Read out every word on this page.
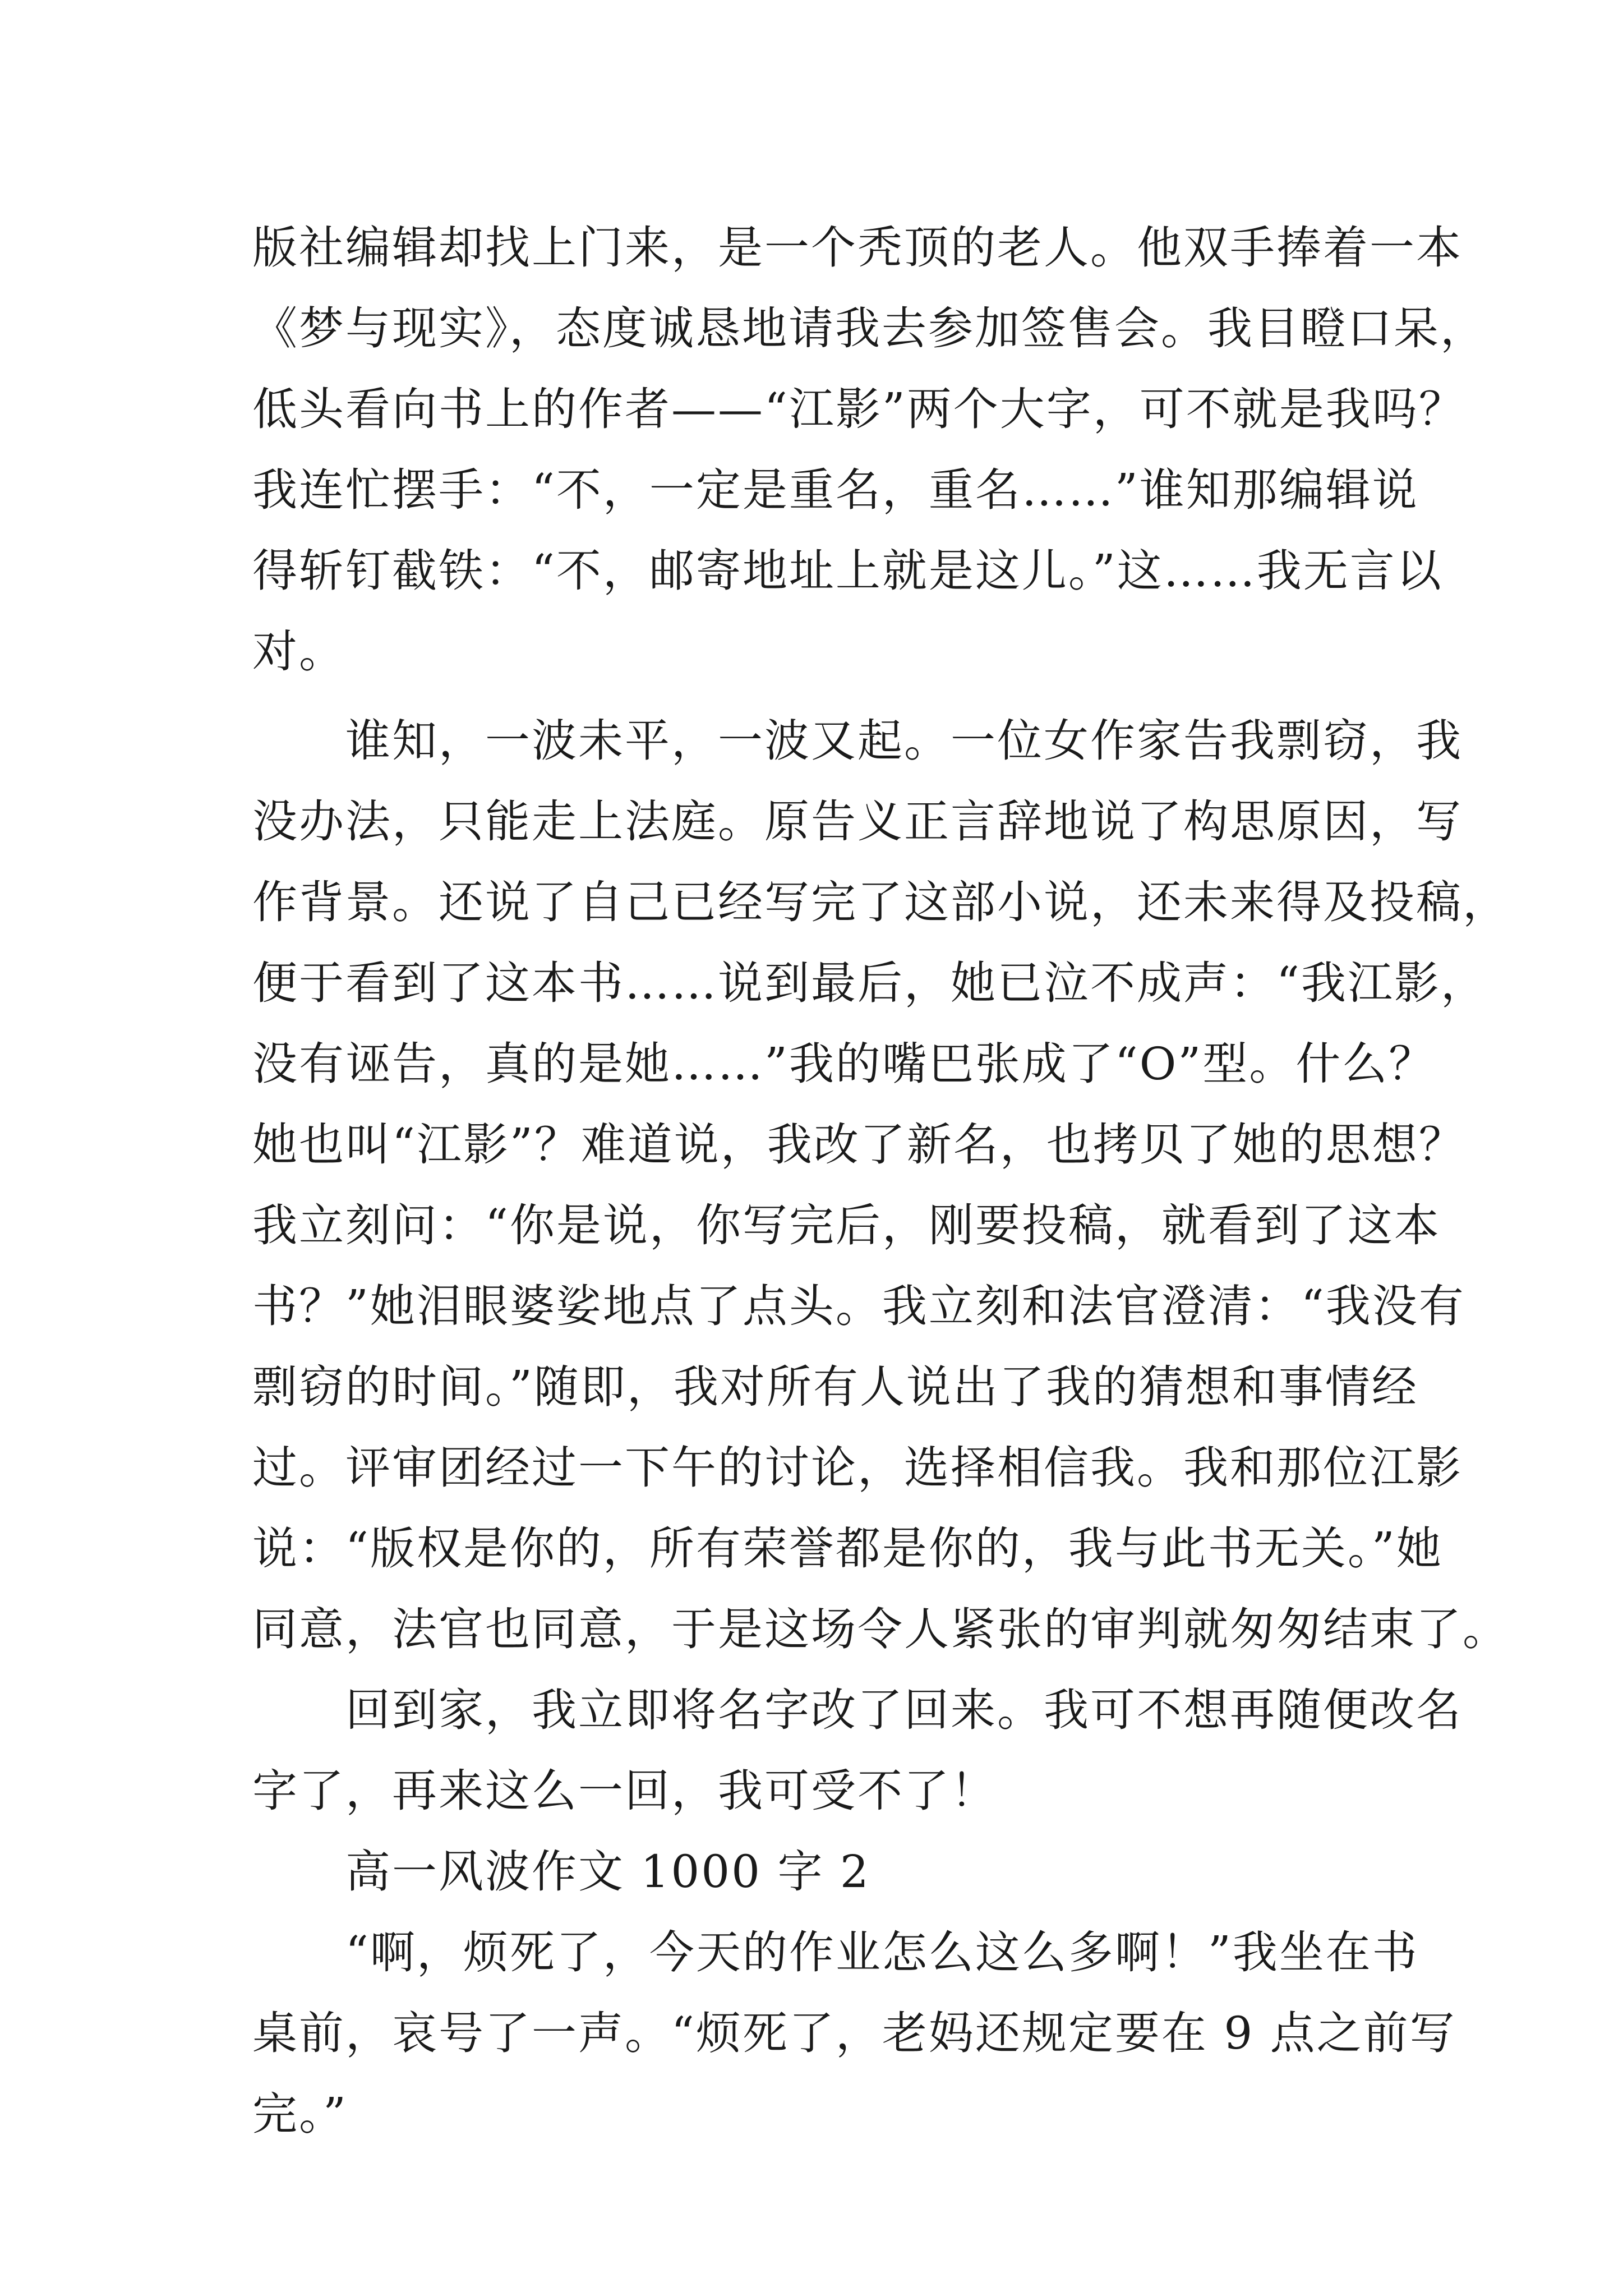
版社编辑却找上门来，是一个秃顶的老人。他双手捧着一本
《梦与现实》，态度诚恳地请我去参加签售会。我目瞪口呆，
低头看向书上的作者——“江影”两个大字，可不就是我吗？
我连忙摆手：“不，一定是重名，重名……”谁知那编辑说
得斩钉截铁：“不，邮寄地址上就是这儿。”这……我无言以
对。
　　谁知，一波未平，一波又起。一位女作家告我剽窃，我
没办法，只能走上法庭。原告义正言辞地说了构思原因，写
作背景。还说了自己已经写完了这部小说，还未来得及投稿，
便于看到了这本书……说到最后，她已泣不成声：“我江影，
没有诬告，真的是她……”我的嘴巴张成了“O”型。什么？
她也叫“江影”？难道说，我改了新名，也拷贝了她的思想？
我立刻问：“你是说，你写完后，刚要投稿，就看到了这本
书？”她泪眼婆娑地点了点头。我立刻和法官澄清：“我没有
剽窃的时间。”随即，我对所有人说出了我的猜想和事情经
过。评审团经过一下午的讨论，选择相信我。我和那位江影
说：“版权是你的，所有荣誉都是你的，我与此书无关。”她
同意，法官也同意，于是这场令人紧张的审判就匆匆结束了。
　　回到家，我立即将名字改了回来。我可不想再随便改名
字了，再来这么一回，我可受不了！
　　高一风波作文 1000 字 2
　　“啊，烦死了，今天的作业怎么这么多啊！”我坐在书
桌前，哀号了一声。“烦死了，老妈还规定要在 9 点之前写
完。”
